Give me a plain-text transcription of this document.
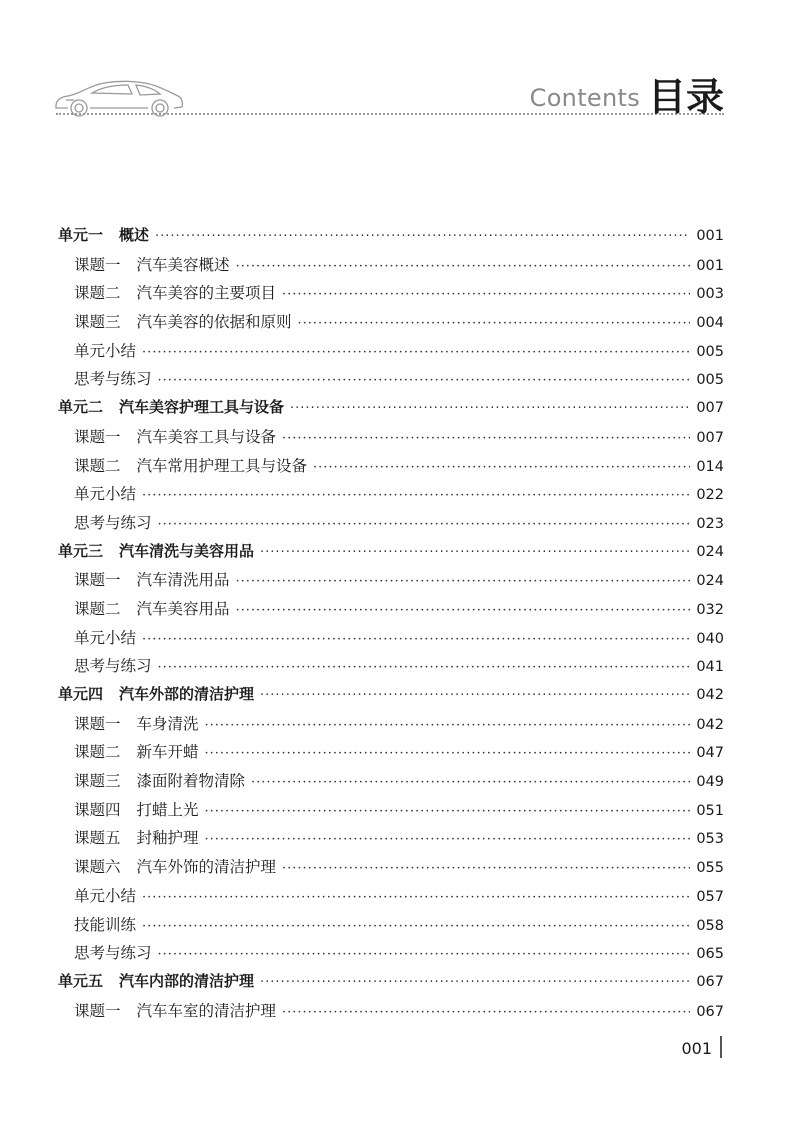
Contents 目录
单元一 概述 ·····	001
课题一 汽车美容概述 ·····	001
课题二 汽车美容的主要项目 ·····	003
课题三 汽车美容的依据和原则 ·····	004
单元小结 ·····	005
思考与练习 ·····	005
单元二 汽车美容护理工具与设备 ·····	007
课题一 汽车美容工具与设备 ·····	007
课题二 汽车常用护理工具与设备 ·····	014
单元小结 ·····	022
思考与练习 ·····	023
单元三 汽车清洗与美容用品 ·····	024
课题一 汽车清洗用品 ·····	024
课题二 汽车美容用品 ·····	032
单元小结 ·····	040
思考与练习 ·····	041
单元四 汽车外部的清洁护理 ·····	042
课题一 车身清洗 ·····	042
课题二 新车开蜡 ·····	047
课题三 漆面附着物清除 ·····	049
课题四 打蜡上光 ·····	051
课题五 封釉护理 ·····	053
课题六 汽车外饰的清洁护理 ·····	055
单元小结 ·····	057
技能训练 ·····	058
思考与练习 ·····	065
单元五 汽车内部的清洁护理 ·····	067
课题一 汽车车室的清洁护理 ·····	067
001
